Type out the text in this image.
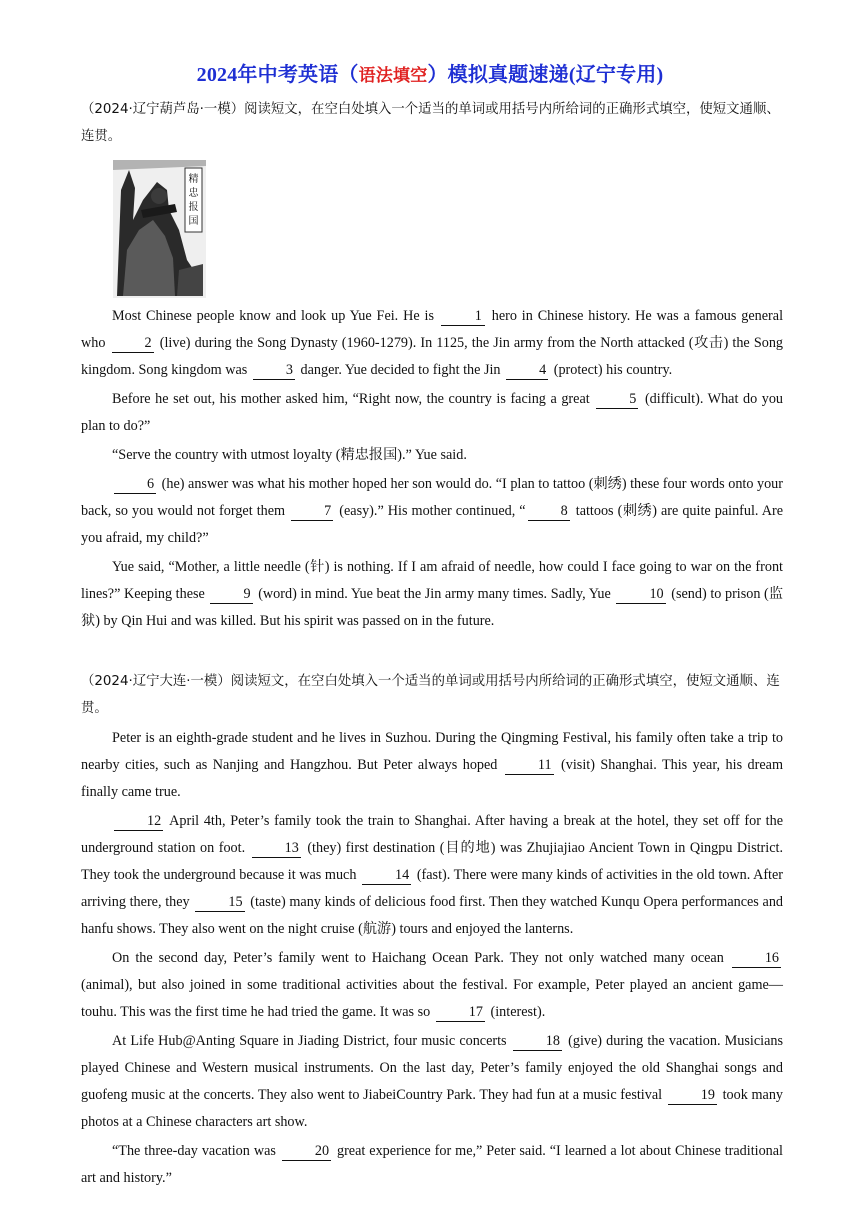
2024年中考英语（语法填空）模拟真题速递(辽宁专用)
（2024·辽宁葫芦岛·一模）阅读短文，在空白处填入一个适当的单词或用括号内所给词的正确形式填空，使短文通顺、连贯。
精
忠
报
国

Most Chinese people know and look up Yue Fei. He is	1 hero in Chinese history. He was a famous general who	2 (live) during the Song Dynasty (1960-1279). In 1125, the Jin army from the North attacked (攻击) the Song kingdom. Song kingdom was	3 danger. Yue decided to fight the Jin	4 (protect) his country.

Before he set out, his mother asked him, “Right now, the country is facing a great	5 (difficult). What do you plan to do?”

“Serve the country with utmost loyalty (精忠报国).” Yue said.

6 (he) answer was what his mother hoped her son would do. “I plan to tattoo (刺绣) these four words onto your back, so you would not forget them	7 (easy).” His mother continued, “ 8 tattoos (刺绣) are quite painful. Are you afraid, my child?”

Yue said, “Mother, a little needle (针) is nothing. If I am afraid of needle, how could I face going to war on the front lines?” Keeping these	9 (word) in mind. Yue beat the Jin army many times. Sadly, Yue	10 (send) to prison (监狱) by Qin Hui and was killed. But his spirit was passed on in the future.

（2024·辽宁大连·一模）阅读短文，在空白处填入一个适当的单词或用括号内所给词的正确形式填空，使短文通顺、连贯。

Peter is an eighth-grade student and he lives in Suzhou. During the Qingming Festival, his family often take a trip to nearby cities, such as Nanjing and Hangzhou. But Peter always hoped	11 (visit) Shanghai. This year, his dream finally came true.

12 April 4th, Peter’s family took the train to Shanghai. After having a break at the hotel, they set off for the underground station on foot.	13 (they) first destination (目的地) was Zhujiajiao Ancient Town in Qingpu District. They took the underground because it was much	14 (fast). There were many kinds of activities in the old town. After arriving there, they	15 (taste) many kinds of delicious food first. Then they watched Kunqu Opera performances and hanfu shows. They also went on the night cruise (航游) tours and enjoyed the lanterns.

On the second day, Peter’s family went to Haichang Ocean Park. They not only watched many ocean	16 (animal), but also joined in some traditional activities about the festival. For example, Peter played an ancient game— touhu. This was the first time he had tried the game. It was so	17 (interest).

At Life Hub@Anting Square in Jiading District, four music concerts	18 (give) during the vacation. Musicians played Chinese and Western musical instruments. On the last day, Peter’s family enjoyed the old Shanghai songs and guofeng music at the concerts. They also went to JiabeiCountry Park. They had fun at a music festival	19 took many photos at a Chinese characters art show.

“The three-day vacation was	20 great experience for me,” Peter said. “I learned a lot about Chinese traditional art and history.”
